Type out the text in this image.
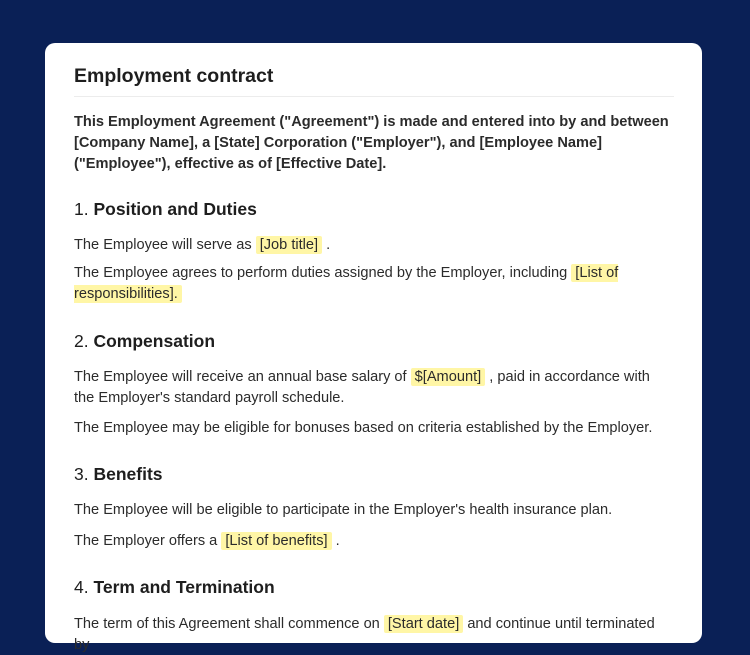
Employment contract

This Employment Agreement ("Agreement") is made and entered into by and between [Company Name], a [State] Corporation ("Employer"), and [Employee Name] ("Employee"), effective as of [Effective Date].

1. Position and Duties

The Employee will serve as [Job title] .

The Employee agrees to perform duties assigned by the Employer, including [List of responsibilities].

2. Compensation

The Employee will receive an annual base salary of $[Amount] , paid in accordance with the Employer's standard payroll schedule.

The Employee may be eligible for bonuses based on criteria established by the Employer.

3. Benefits

The Employee will be eligible to participate in the Employer's health insurance plan.

The Employer offers a [List of benefits] .

4. Term and Termination

The term of this Agreement shall commence on [Start date] and continue until terminated by
